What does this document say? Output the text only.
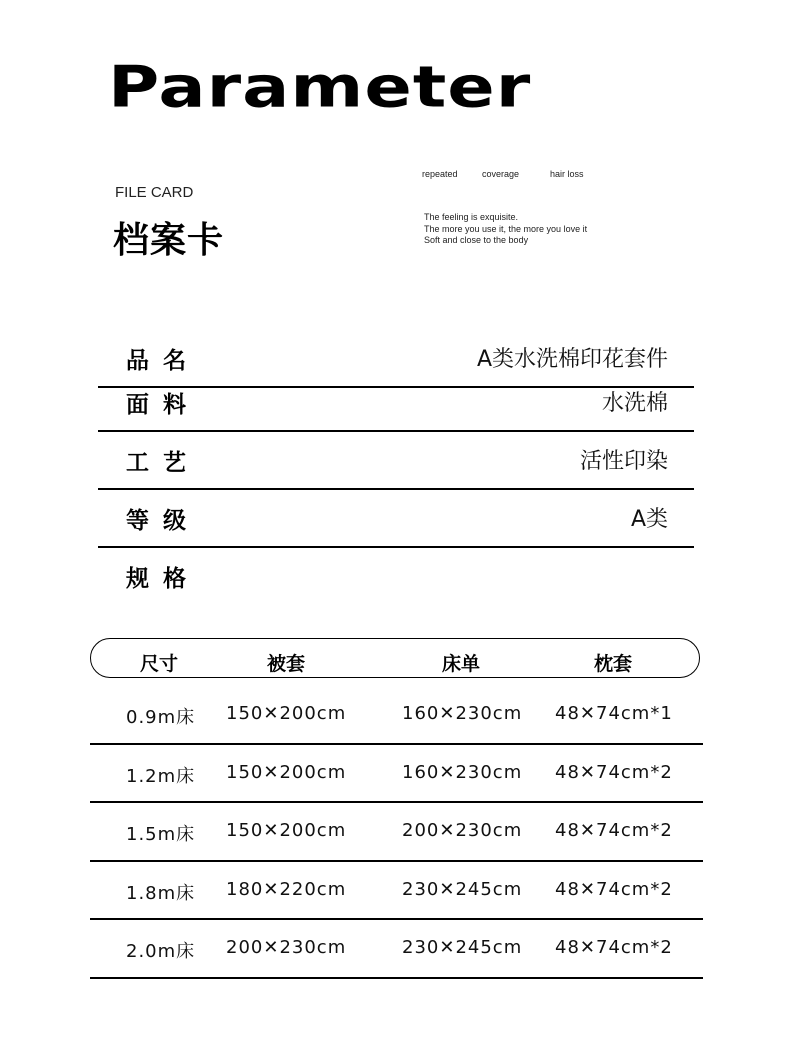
Parameter
FILE CARD
档案卡
repeated	coverage	hair loss
The feeling is exquisite.
The more you use it, the more you love it
Soft and close to the body
品名	A类水洗棉印花套件
面料	水洗棉
工艺	活性印染
等级	A类
规格
尺寸	被套	床单	枕套
0.9m床 150✕200cm	160✕230cm 48✕74cm*1
1.2m床 150✕200cm	160✕230cm 48✕74cm*2
1.5m床 150✕200cm	200✕230cm 48✕74cm*2
1.8m床 180✕220cm	230✕245cm 48✕74cm*2
2.0m床 200✕230cm	230✕245cm 48✕74cm*2
